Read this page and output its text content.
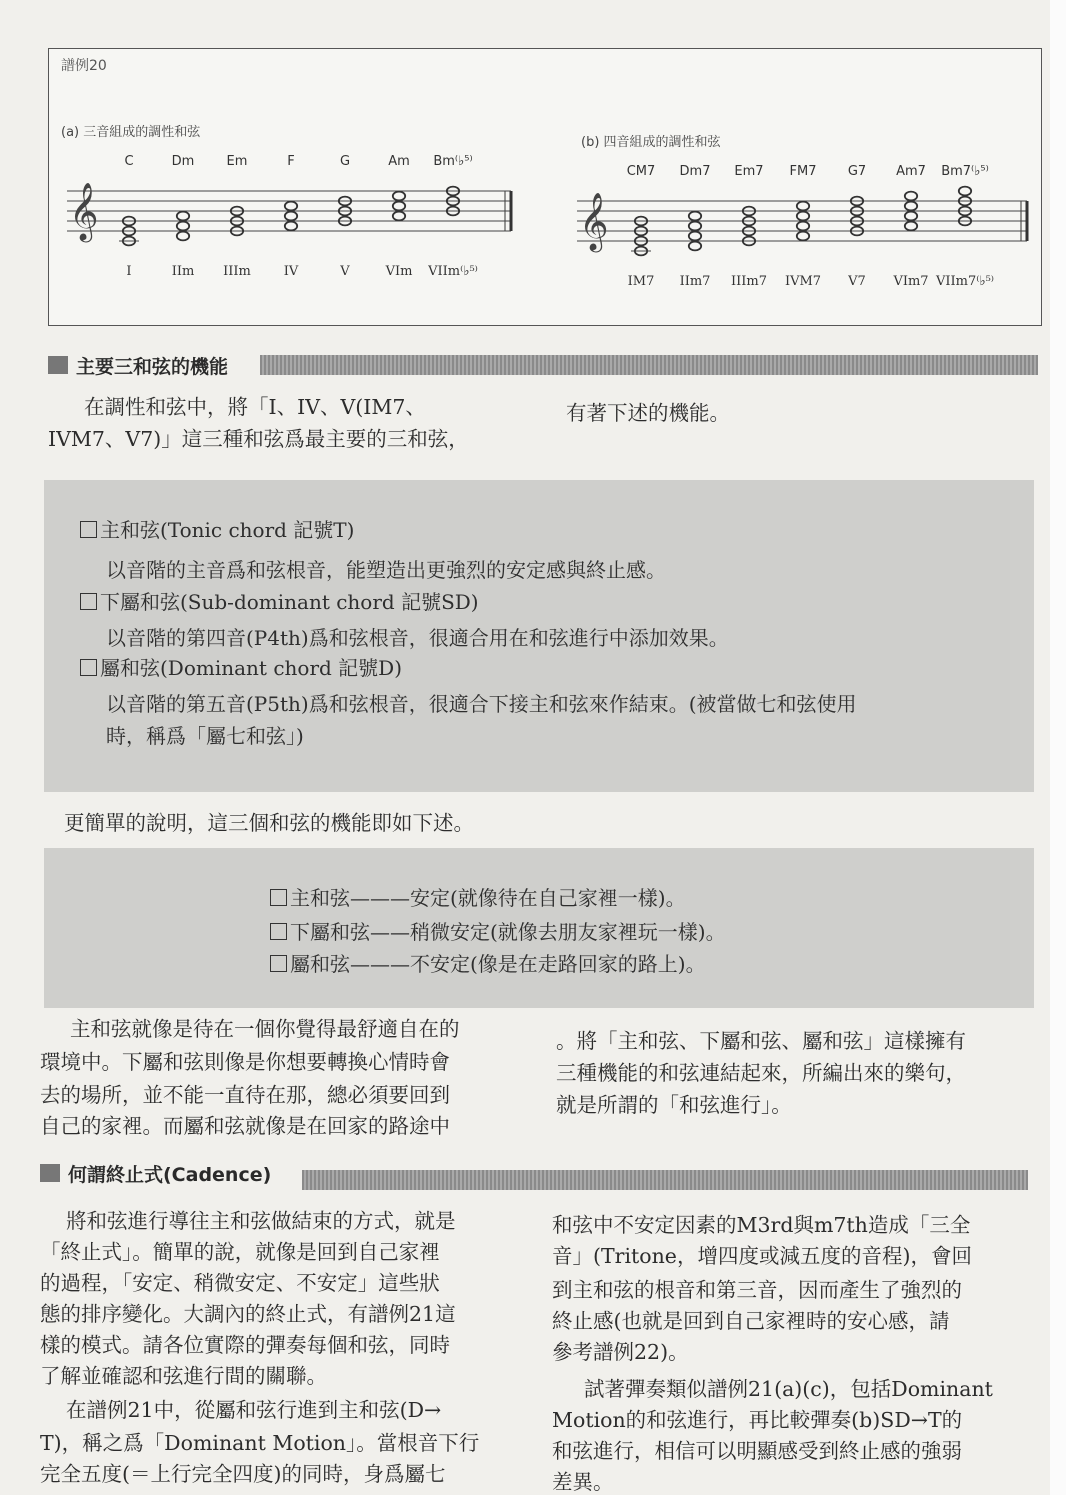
譜例20
(a) 三音組成的調性和弦
(b) 四音組成的調性和弦
𝄞
C
I
Dm
IIm
Em
IIIm
F
IV
G
V
Am
VIm
Bm⁽♭⁵⁾
VIIm⁽♭⁵⁾
𝄞
CM7
IM7
Dm7
IIm7
Em7
IIIm7
FM7
IVM7
G7
V7
Am7
VIm7
Bm7⁽♭⁵⁾
VIIm7⁽♭⁵⁾
主要三和弦的機能
在調性和弦中，將「I、IV、V(IM7、
IVM7、V7)」這三種和弦爲最主要的三和弦，
有著下述的機能。
主和弦(Tonic chord 記號T)
以音階的主音爲和弦根音，能塑造出更強烈的安定感與終止感。
下屬和弦(Sub-dominant chord 記號SD)
以音階的第四音(P4th)爲和弦根音，很適合用在和弦進行中添加效果。
屬和弦(Dominant chord 記號D)
以音階的第五音(P5th)爲和弦根音，很適合下接主和弦來作結束。(被當做七和弦使用
時，稱爲「屬七和弦」)
更簡單的說明，這三個和弦的機能即如下述。
主和弦———安定(就像待在自己家裡一樣)。
下屬和弦——稍微安定(就像去朋友家裡玩一樣)。
屬和弦———不安定(像是在走路回家的路上)。
主和弦就像是待在一個你覺得最舒適自在的
環境中。下屬和弦則像是你想要轉換心情時會
去的場所，並不能一直待在那，總必須要回到
自己的家裡。而屬和弦就像是在回家的路途中
。將「主和弦、下屬和弦、屬和弦」這樣擁有
三種機能的和弦連結起來，所編出來的樂句，
就是所謂的「和弦進行」。
何謂終止式(Cadence)
將和弦進行導往主和弦做結束的方式，就是
「終止式」。簡單的說，就像是回到自己家裡
的過程，「安定、稍微安定、不安定」這些狀
態的排序變化。大調內的終止式，有譜例21這
樣的模式。請各位實際的彈奏每個和弦，同時
了解並確認和弦進行間的關聯。
在譜例21中，從屬和弦行進到主和弦(D→
T)，稱之爲「Dominant Motion」。當根音下行
完全五度(＝上行完全四度)的同時，身爲屬七
和弦中不安定因素的M3rd與m7th造成「三全
音」(Tritone，增四度或減五度的音程)，會回
到主和弦的根音和第三音，因而產生了強烈的
終止感(也就是回到自己家裡時的安心感，請
參考譜例22)。
試著彈奏類似譜例21(a)(c)，包括Dominant
Motion的和弦進行，再比較彈奏(b)SD→T的
和弦進行，相信可以明顯感受到終止感的強弱
差異。
